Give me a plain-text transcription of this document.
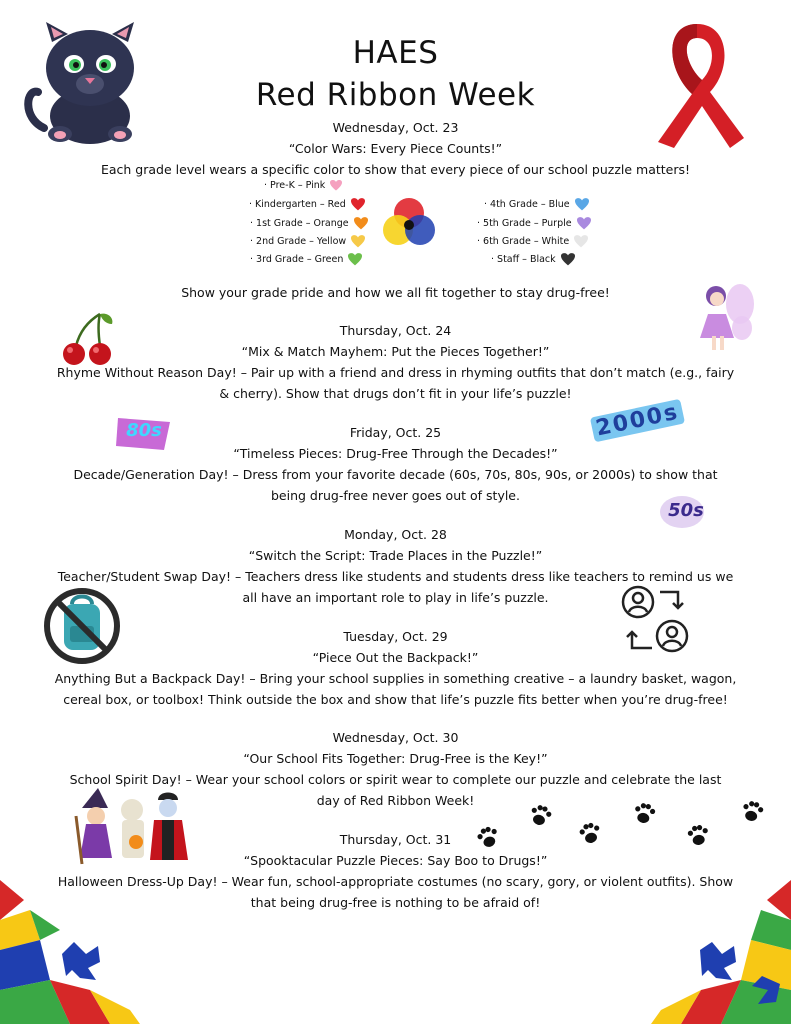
80s	2000s
50s
HAES
Red Ribbon Week
Wednesday, Oct. 23
“Color Wars: Every Piece Counts!”
Each grade level wears a specific color to show that every piece of our school puzzle matters!
· Pre-K – Pink
· Kindergarten – Red
· 1st Grade – Orange
· 2nd Grade – Yellow
· 3rd Grade – Green
· 4th Grade – Blue
· 5th Grade – Purple
· 6th Grade – White
· Staff – Black
Show your grade pride and how we all fit together to stay drug-free!
Thursday, Oct. 24
“Mix & Match Mayhem: Put the Pieces Together!”
Rhyme Without Reason Day! – Pair up with a friend and dress in rhyming outfits that don’t match (e.g., fairy
& cherry). Show that drugs don’t fit in your life’s puzzle!
Friday, Oct. 25
“Timeless Pieces: Drug-Free Through the Decades!”
Decade/Generation Day! – Dress from your favorite decade (60s, 70s, 80s, 90s, or 2000s) to show that
being drug-free never goes out of style.
Monday, Oct. 28
“Switch the Script: Trade Places in the Puzzle!”
Teacher/Student Swap Day! – Teachers dress like students and students dress like teachers to remind us we
all have an important role to play in life’s puzzle.
Tuesday, Oct. 29
“Piece Out the Backpack!”
Anything But a Backpack Day! – Bring your school supplies in something creative – a laundry basket, wagon,
cereal box, or toolbox! Think outside the box and show that life’s puzzle fits better when you’re drug-free!
Wednesday, Oct. 30
“Our School Fits Together: Drug-Free is the Key!”
School Spirit Day! – Wear your school colors or spirit wear to complete our puzzle and celebrate the last
day of Red Ribbon Week!
Thursday, Oct. 31
“Spooktacular Puzzle Pieces: Say Boo to Drugs!”
Halloween Dress-Up Day! – Wear fun, school-appropriate costumes (no scary, gory, or violent outfits). Show
that being drug-free is nothing to be afraid of!
